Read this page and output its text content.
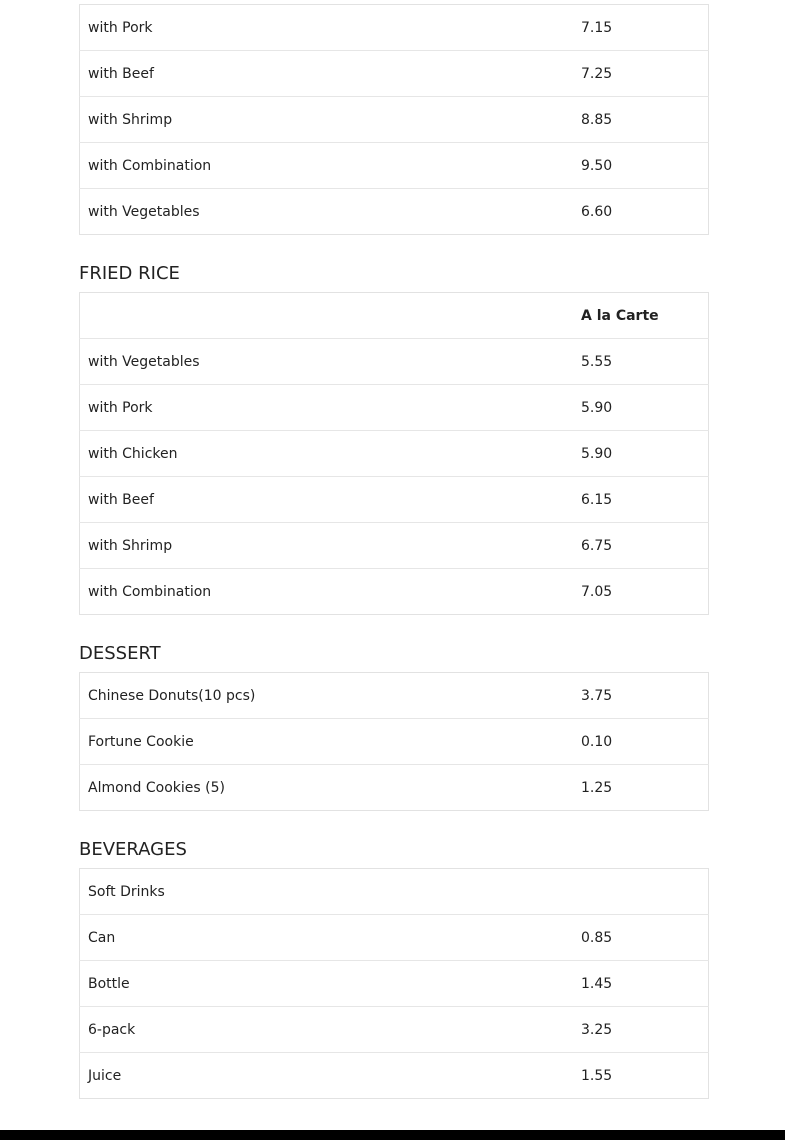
with Pork	7.15
with Beef	7.25
with Shrimp	8.85
with Combination	9.50
with Vegetables	6.60
FRIED RICE
	A la Carte
with Vegetables	5.55
with Pork	5.90
with Chicken	5.90
with Beef	6.15
with Shrimp	6.75
with Combination	7.05
DESSERT
Chinese Donuts(10 pcs)	3.75
Fortune Cookie	0.10
Almond Cookies (5)	1.25
BEVERAGES
Soft Drinks	
Can	0.85
Bottle	1.45
6-pack	3.25
Juice	1.55
